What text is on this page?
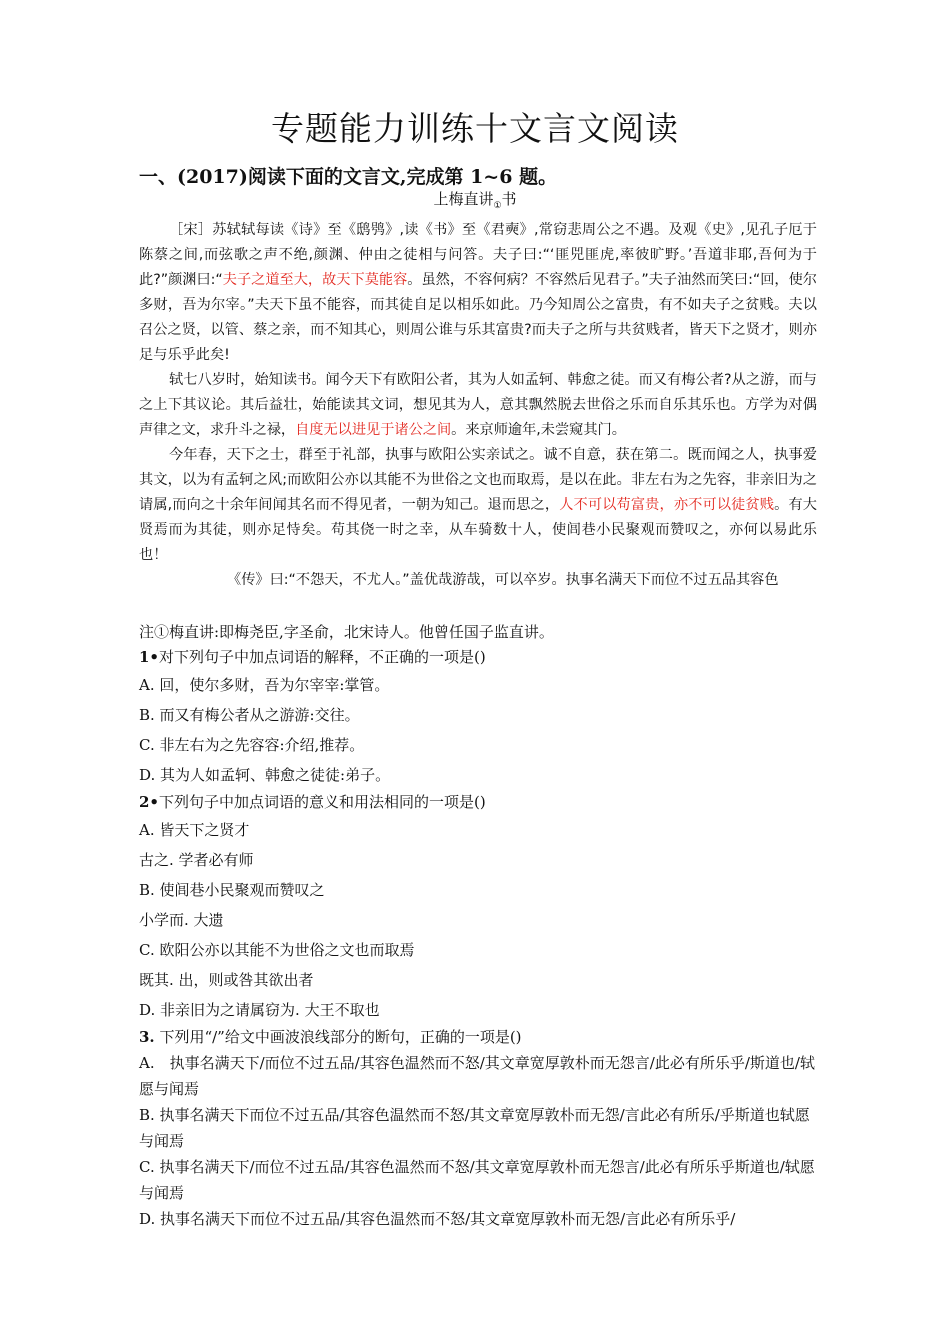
专题能力训练十文言文阅读
一、(2017)阅读下面的文言文,完成第 1~6 题。
上梅直讲$_①$书

［宋］苏轼轼每读《诗》至《鸱鸮》,读《书》至《君奭》,常窃悲周公之不遇。及观《史》,见孔子厄于陈蔡之间,而弦歌之声不绝,颜渊、仲由之徒相与问答。夫子曰:“‘匪兕匪虎,率彼旷野。’吾道非耶,吾何为于此?”颜渊曰:“夫子之道至大，故天下莫能容。虽然，不容何病？不容然后见君子。”夫子油然而笑曰:“回，使尔多财，吾为尔宰。”夫天下虽不能容，而其徒自足以相乐如此。乃今知周公之富贵，有不如夫子之贫贱。夫以召公之贤，以管、蔡之亲，而不知其心，则周公谁与乐其富贵?而夫子之所与共贫贱者，皆天下之贤才，则亦足与乐乎此矣!

轼七八岁时，始知读书。闻今天下有欧阳公者，其为人如孟轲、韩愈之徒。而又有梅公者?从之游，而与之上下其议论。其后益壮，始能读其文词，想见其为人，意其飘然脱去世俗之乐而自乐其乐也。方学为对偶声律之文，求升斗之禄，自度无以进见于诸公之间。来京师逾年,未尝窥其门。

今年春，天下之士，群至于礼部，执事与欧阳公实亲试之。诚不自意，获在第二。既而闻之人，执事爱其文，以为有孟轲之风;而欧阳公亦以其能不为世俗之文也而取焉，是以在此。非左右为之先容，非亲旧为之请属,而向之十余年间闻其名而不得见者，一朝为知己。退而思之，人不可以苟富贵，亦不可以徒贫贱。有大贤焉而为其徒，则亦足恃矣。苟其侥一时之幸，从车骑数十人，使闾巷小民聚观而赞叹之，亦何以易此乐也！

《传》曰:“不怨天，不尤人。”盖优哉游哉，可以卒岁。执事名满天下而位不过五品其容色

注①梅直讲:即梅尧臣,字圣俞，北宋诗人。他曾任国子监直讲。
1•对下列句子中加点词语的解释，不正确的一项是()
A. 回，使尔多财，吾为尔宰宰:掌管。
B. 而又有梅公者从之游游:交往。
C. 非左右为之先容容:介绍,推荐。
D. 其为人如孟轲、韩愈之徒徒:弟子。
2•下列句子中加点词语的意义和用法相同的一项是()
A. 皆天下之贤才
古之. 学者必有师
B. 使闾巷小民聚观而赞叹之
小学而. 大遗
C. 欧阳公亦以其能不为世俗之文也而取焉
既其. 出，则或咎其欲出者
D. 非亲旧为之请属窃为. 大王不取也
3. 下列用“/”给文中画波浪线部分的断句，正确的一项是()
A.　执事名满天下/而位不过五品/其容色温然而不怒/其文章宽厚敦朴而无怨言/此必有所乐乎/斯道也/轼愿与闻焉
B. 执事名满天下而位不过五品/其容色温然而不怒/其文章宽厚敦朴而无怨/言此必有所乐/乎斯道也轼愿与闻焉
C. 执事名满天下/而位不过五品/其容色温然而不怒/其文章宽厚敦朴而无怨言/此必有所乐乎斯道也/轼愿与闻焉
D. 执事名满天下而位不过五品/其容色温然而不怒/其文章宽厚敦朴而无怨/言此必有所乐乎/
